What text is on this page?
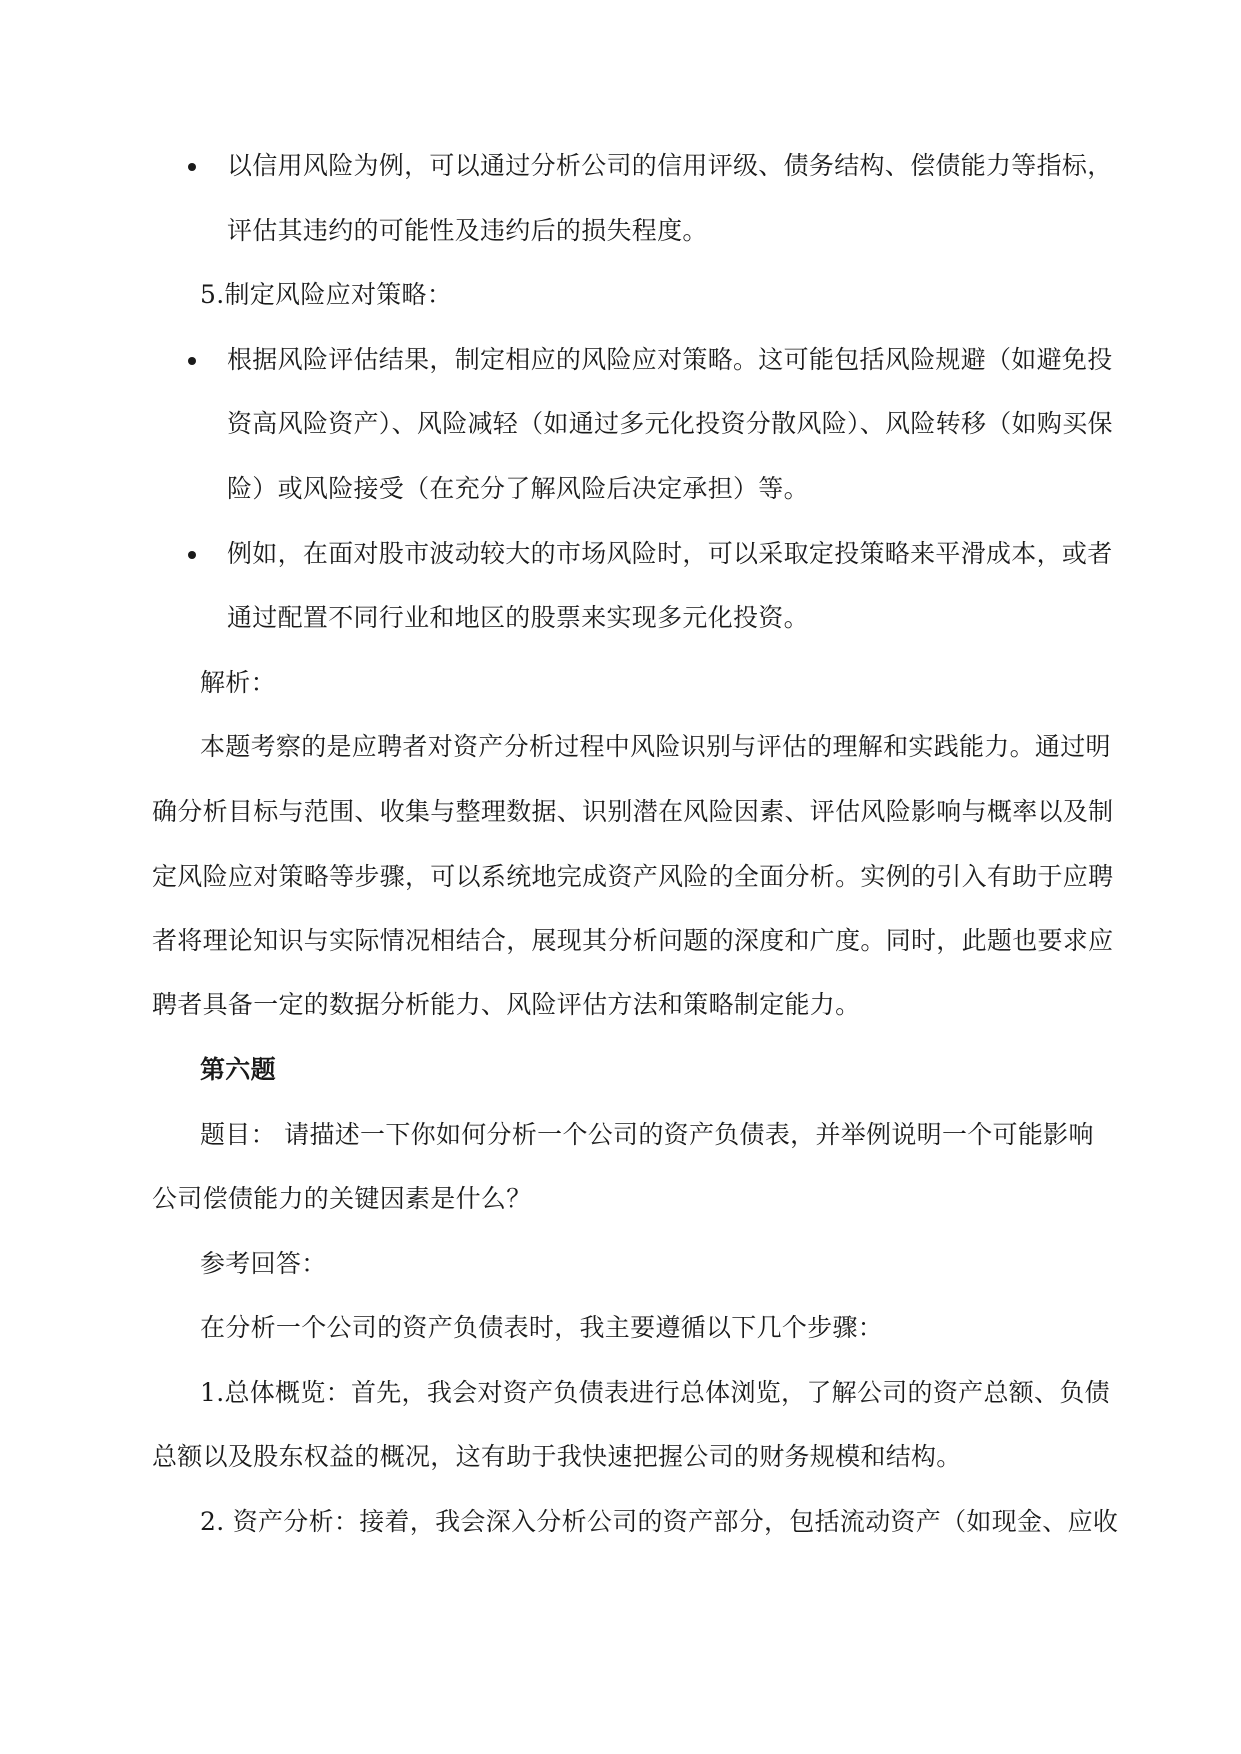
以信用风险为例，可以通过分析公司的信用评级、债务结构、偿债能力等指标，
评估其违约的可能性及违约后的损失程度。
5.制定风险应对策略：
根据风险评估结果，制定相应的风险应对策略。这可能包括风险规避（如避免投
资高风险资产）、风险减轻（如通过多元化投资分散风险）、风险转移（如购买保
险）或风险接受（在充分了解风险后决定承担）等。
例如，在面对股市波动较大的市场风险时，可以采取定投策略来平滑成本，或者
通过配置不同行业和地区的股票来实现多元化投资。
解析：
本题考察的是应聘者对资产分析过程中风险识别与评估的理解和实践能力。通过明
确分析目标与范围、收集与整理数据、识别潜在风险因素、评估风险影响与概率以及制
定风险应对策略等步骤，可以系统地完成资产风险的全面分析。实例的引入有助于应聘
者将理论知识与实际情况相结合，展现其分析问题的深度和广度。同时，此题也要求应
聘者具备一定的数据分析能力、风险评估方法和策略制定能力。
第六题
题目： 请描述一下你如何分析一个公司的资产负债表，并举例说明一个可能影响
公司偿债能力的关键因素是什么？
参考回答：
在分析一个公司的资产负债表时，我主要遵循以下几个步骤：
1.总体概览：首先，我会对资产负债表进行总体浏览，了解公司的资产总额、负债
总额以及股东权益的概况，这有助于我快速把握公司的财务规模和结构。
2. 资产分析：接着，我会深入分析公司的资产部分，包括流动资产（如现金、应收
